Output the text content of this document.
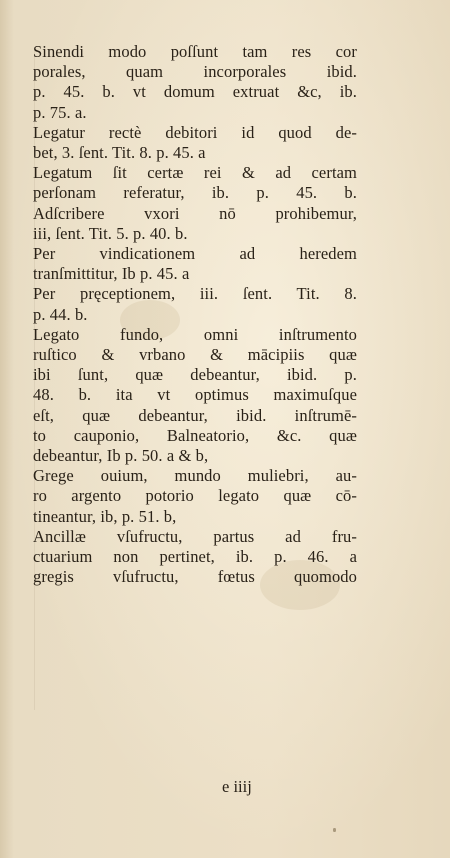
Sinendi modo poſſunt tam res cor
porales, quam incorporales ibid.
p. 45. b. vt domum extruat &c, ib.
p. 75. a.
Legatur rectè debitori id quod de-
bet, 3. ſent. Tit. 8. p. 45. a
Legatum ſit certæ rei & ad certam
perſonam referatur, ib. p. 45. b.
Adſcribere vxori nō prohibemur,
iii, ſent. Tit. 5. p. 40. b.
Per vindicationem ad heredem
tranſmittitur, Ib p. 45. a
Per pręceptionem, iii. ſent. Tit. 8.
p. 44. b.
Legato fundo, omni inſtrumento
ruſtico & vrbano & mācipiis quæ
ibi ſunt, quæ debeantur, ibid. p.
48. b. ita vt optimus maximuſque
eſt, quæ debeantur, ibid. inſtrumē-
to cauponio, Balneatorio, &c. quæ
debeantur, Ib p. 50. a & b,
Grege ouium, mundo muliebri, au-
ro argento potorio legato quæ cō-
tineantur, ib, p. 51. b,
Ancillæ vſufructu, partus ad fru-
ctuarium non pertinet, ib. p. 46. a
gregis vſufructu, fœtus quomodo
e iiij
